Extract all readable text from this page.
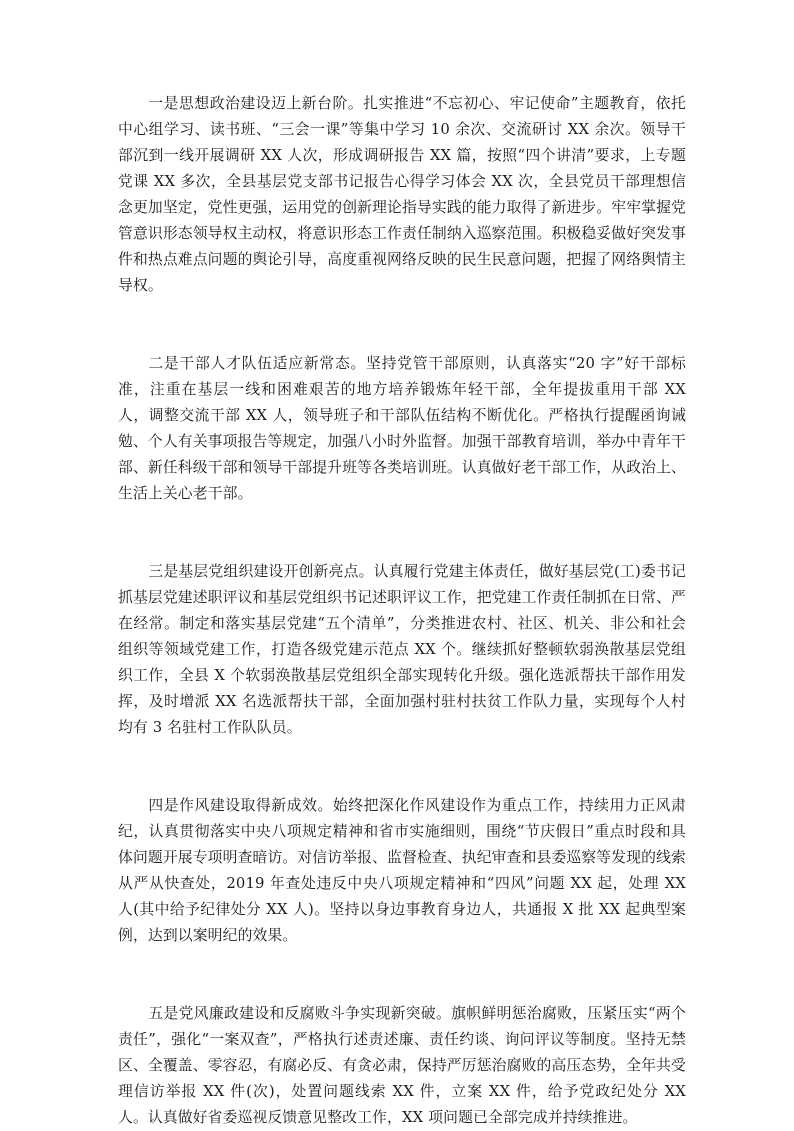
一是思想政治建设迈上新台阶。扎实推进“不忘初心、牢记使命”主题教育，依托中心组学习、读书班、“三会一课”等集中学习 10 余次、交流研讨 XX 余次。领导干部沉到一线开展调研 XX 人次，形成调研报告 XX 篇，按照“四个讲清”要求，上专题党课 XX 多次，全县基层党支部书记报告心得学习体会 XX 次，全县党员干部理想信念更加坚定，党性更强，运用党的创新理论指导实践的能力取得了新进步。牢牢掌握党管意识形态领导权主动权，将意识形态工作责任制纳入巡察范围。积极稳妥做好突发事件和热点难点问题的舆论引导，高度重视网络反映的民生民意问题，把握了网络舆情主导权。

二是干部人才队伍适应新常态。坚持党管干部原则，认真落实“20 字”好干部标准，注重在基层一线和困难艰苦的地方培养锻炼年轻干部，全年提拔重用干部 XX 人，调整交流干部 XX 人，领导班子和干部队伍结构不断优化。严格执行提醒函询诫勉、个人有关事项报告等规定，加强八小时外监督。加强干部教育培训，举办中青年干部、新任科级干部和领导干部提升班等各类培训班。认真做好老干部工作，从政治上、生活上关心老干部。

三是基层党组织建设开创新亮点。认真履行党建主体责任，做好基层党(工)委书记抓基层党建述职评议和基层党组织书记述职评议工作，把党建工作责任制抓在日常、严在经常。制定和落实基层党建“五个清单”，分类推进农村、社区、机关、非公和社会组织等领域党建工作，打造各级党建示范点 XX 个。继续抓好整顿软弱涣散基层党组织工作，全县 X 个软弱涣散基层党组织全部实现转化升级。强化选派帮扶干部作用发挥，及时增派 XX 名选派帮扶干部，全面加强村驻村扶贫工作队力量，实现每个人村均有 3 名驻村工作队队员。

四是作风建设取得新成效。始终把深化作风建设作为重点工作，持续用力正风肃纪，认真贯彻落实中央八项规定精神和省市实施细则，围绕“节庆假日”重点时段和具体问题开展专项明查暗访。对信访举报、监督检查、执纪审查和县委巡察等发现的线索从严从快查处，2019 年查处违反中央八项规定精神和“四风”问题 XX 起，处理 XX 人(其中给予纪律处分 XX 人)。坚持以身边事教育身边人，共通报 X 批 XX 起典型案例，达到以案明纪的效果。

五是党风廉政建设和反腐败斗争实现新突破。旗帜鲜明惩治腐败，压紧压实“两个责任”，强化“一案双查”，严格执行述责述廉、责任约谈、询问评议等制度。坚持无禁区、全覆盖、零容忍，有腐必反、有贪必肃，保持严厉惩治腐败的高压态势，全年共受理信访举报 XX 件(次)，处置问题线索 XX 件，立案 XX 件，给予党政纪处分 XX 人。认真做好省委巡视反馈意见整改工作，XX 项问题已全部完成并持续推进。
